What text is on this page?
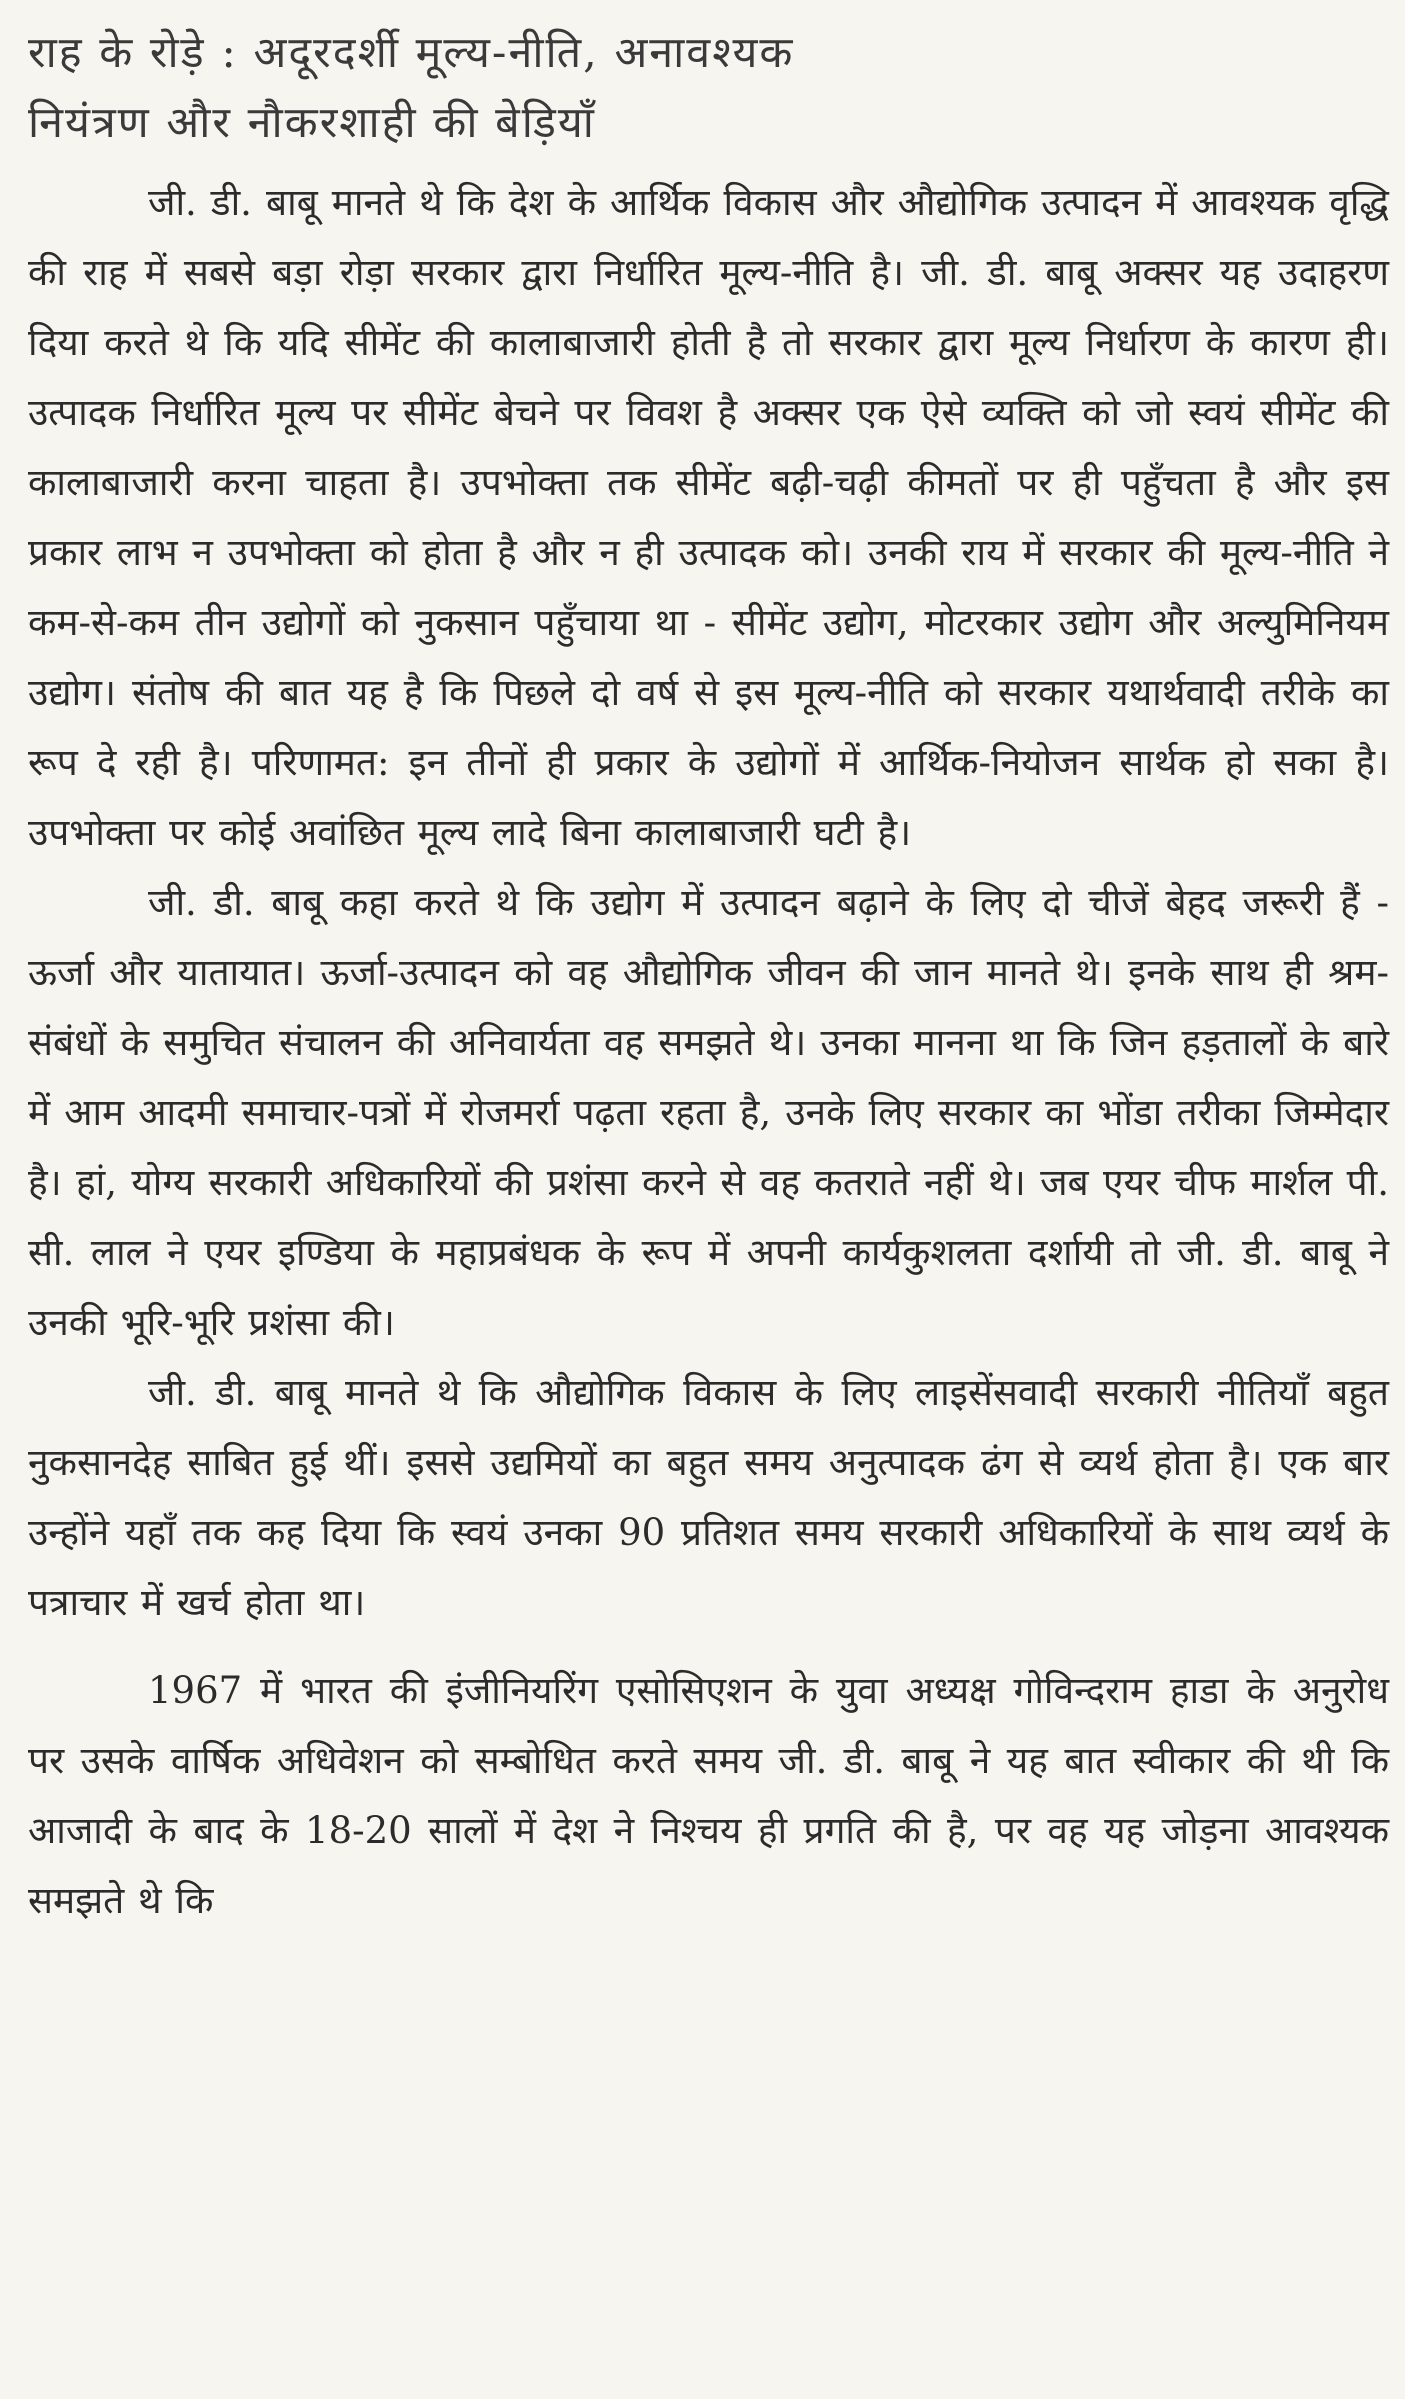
राह के रोड़े : अदूरदर्शी मूल्य-नीति, अनावश्यक
नियंत्रण और नौकरशाही की बेड़ियाँ

जी. डी. बाबू मानते थे कि देश के आर्थिक विकास और औद्योगिक उत्पादन में आवश्यक वृद्धि की राह में सबसे बड़ा रोड़ा सरकार द्वारा निर्धारित मूल्य-नीति है। जी. डी. बाबू अक्सर यह उदाहरण दिया करते थे कि यदि सीमेंट की कालाबाजारी होती है तो सरकार द्वारा मूल्य निर्धारण के कारण ही। उत्पादक निर्धारित मूल्य पर सीमेंट बेचने पर विवश है अक्सर एक ऐसे व्यक्ति को जो स्वयं सीमेंट की कालाबाजारी करना चाहता है। उपभोक्ता तक सीमेंट बढ़ी-चढ़ी कीमतों पर ही पहुँचता है और इस प्रकार लाभ न उपभोक्ता को होता है और न ही उत्पादक को। उनकी राय में सरकार की मूल्य-नीति ने कम-से-कम तीन उद्योगों को नुकसान पहुँचाया था - सीमेंट उद्योग, मोटरकार उद्योग और अल्युमिनियम उद्योग। संतोष की बात यह है कि पिछले दो वर्ष से इस मूल्य-नीति को सरकार यथार्थवादी तरीके का रूप दे रही है। परिणामत: इन तीनों ही प्रकार के उद्योगों में आर्थिक-नियोजन सार्थक हो सका है। उपभोक्ता पर कोई अवांछित मूल्य लादे बिना कालाबाजारी घटी है।

जी. डी. बाबू कहा करते थे कि उद्योग में उत्पादन बढ़ाने के लिए दो चीजें बेहद जरूरी हैं - ऊर्जा और यातायात। ऊर्जा-उत्पादन को वह औद्योगिक जीवन की जान मानते थे। इनके साथ ही श्रम-संबंधों के समुचित संचालन की अनिवार्यता वह समझते थे। उनका मानना था कि जिन हड़तालों के बारे में आम आदमी समाचार-पत्रों में रोजमर्रा पढ़ता रहता है, उनके लिए सरकार का भोंडा तरीका जिम्मेदार है। हां, योग्य सरकारी अधिकारियों की प्रशंसा करने से वह कतराते नहीं थे। जब एयर चीफ मार्शल पी. सी. लाल ने एयर इण्डिया के महाप्रबंधक के रूप में अपनी कार्यकुशलता दर्शायी तो जी. डी. बाबू ने उनकी भूरि-भूरि प्रशंसा की।

जी. डी. बाबू मानते थे कि औद्योगिक विकास के लिए लाइसेंसवादी सरकारी नीतियाँ बहुत नुकसानदेह साबित हुई थीं। इससे उद्यमियों का बहुत समय अनुत्पादक ढंग से व्यर्थ होता है। एक बार उन्होंने यहाँ तक कह दिया कि स्वयं उनका 90 प्रतिशत समय सरकारी अधिकारियों के साथ व्यर्थ के पत्राचार में खर्च होता था।

1967 में भारत की इंजीनियरिंग एसोसिएशन के युवा अध्यक्ष गोविन्दराम हाडा के अनुरोध पर उसके वार्षिक अधिवेशन को सम्बोधित करते समय जी. डी. बाबू ने यह बात स्वीकार की थी कि आजादी के बाद के 18-20 सालों में देश ने निश्चय ही प्रगति की है, पर वह यह जोड़ना आवश्यक समझते थे कि
